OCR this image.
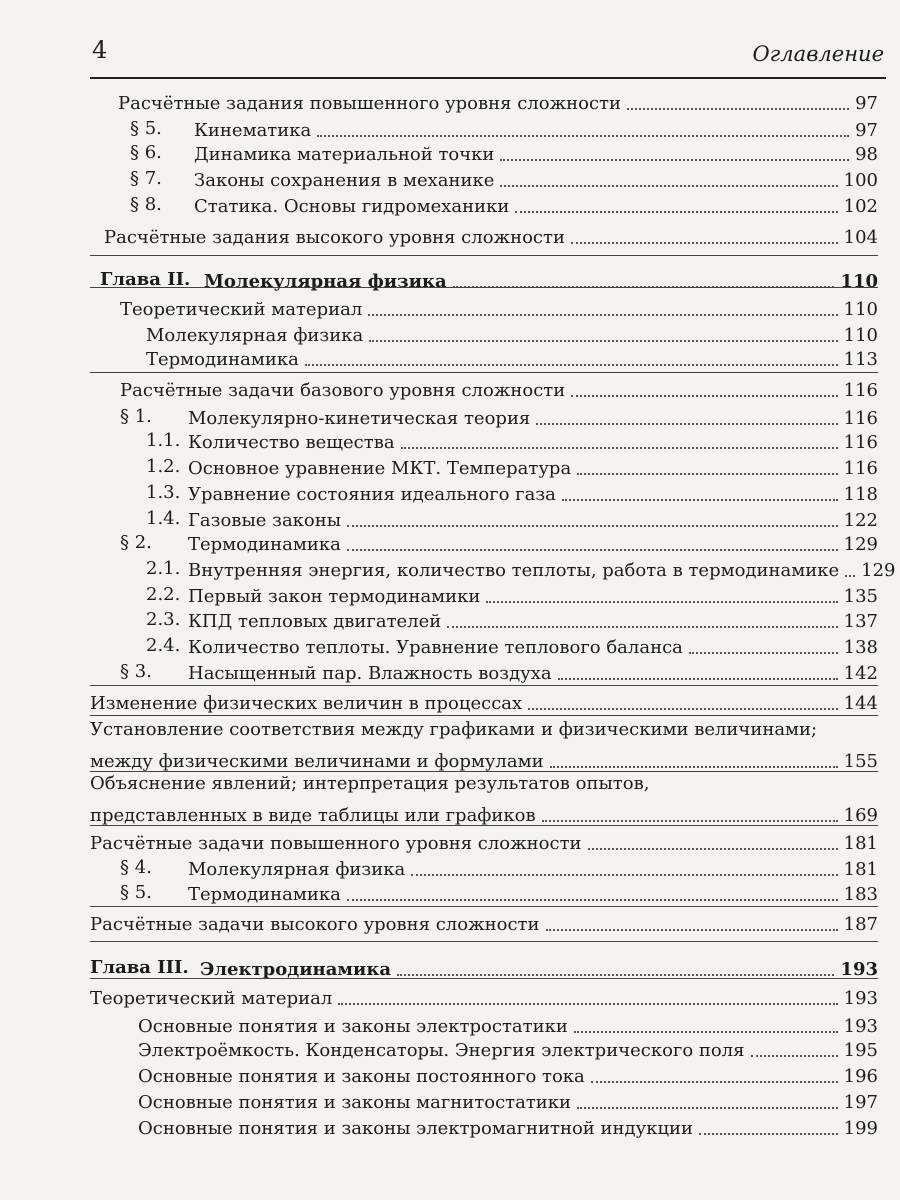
4	Оглавление
Расчётные задания повышенного уровня сложности	97
§ 5. Кинематика	97
§ 6. Динамика материальной точки	98
§ 7. Законы сохранения в механике	100
§ 8. Статика. Основы гидромеханики	102
Расчётные задания высокого уровня сложности	104
Глава II. Молекулярная физика	110
Теоретический материал	110
Молекулярная физика	110
Термодинамика	113
Расчётные задачи базового уровня сложности	116
§ 1. Молекулярно-кинетическая теория	116
1.1. Количество вещества	116
1.2. Основное уравнение МКТ. Температура	116
1.3. Уравнение состояния идеального газа	118
1.4. Газовые законы	122
§ 2. Термодинамика	129
2.1. Внутренняя энергия, количество теплоты, работа в термодинамике 129
2.2. Первый закон термодинамики	135
2.3. КПД тепловых двигателей	137
2.4. Количество теплоты. Уравнение теплового баланса	138
§ 3. Насыщенный пар. Влажность воздуха	142
Изменение физических величин в процессах	144
Установление соответствия между графиками и физическими величинами;
между физическими величинами и формулами	155
Объяснение явлений; интерпретация результатов опытов,
представленных в виде таблицы или графиков	169
Расчётные задачи повышенного уровня сложности	181
§ 4. Молекулярная физика	181
§ 5. Термодинамика	183
Расчётные задачи высокого уровня сложности	187
Глава III. Электродинамика	193
Теоретический материал	193
Основные понятия и законы электростатики	193
Электроёмкость. Конденсаторы. Энергия электрического поля	195
Основные понятия и законы постоянного тока	196
Основные понятия и законы магнитостатики	197
Основные понятия и законы электромагнитной индукции	199
